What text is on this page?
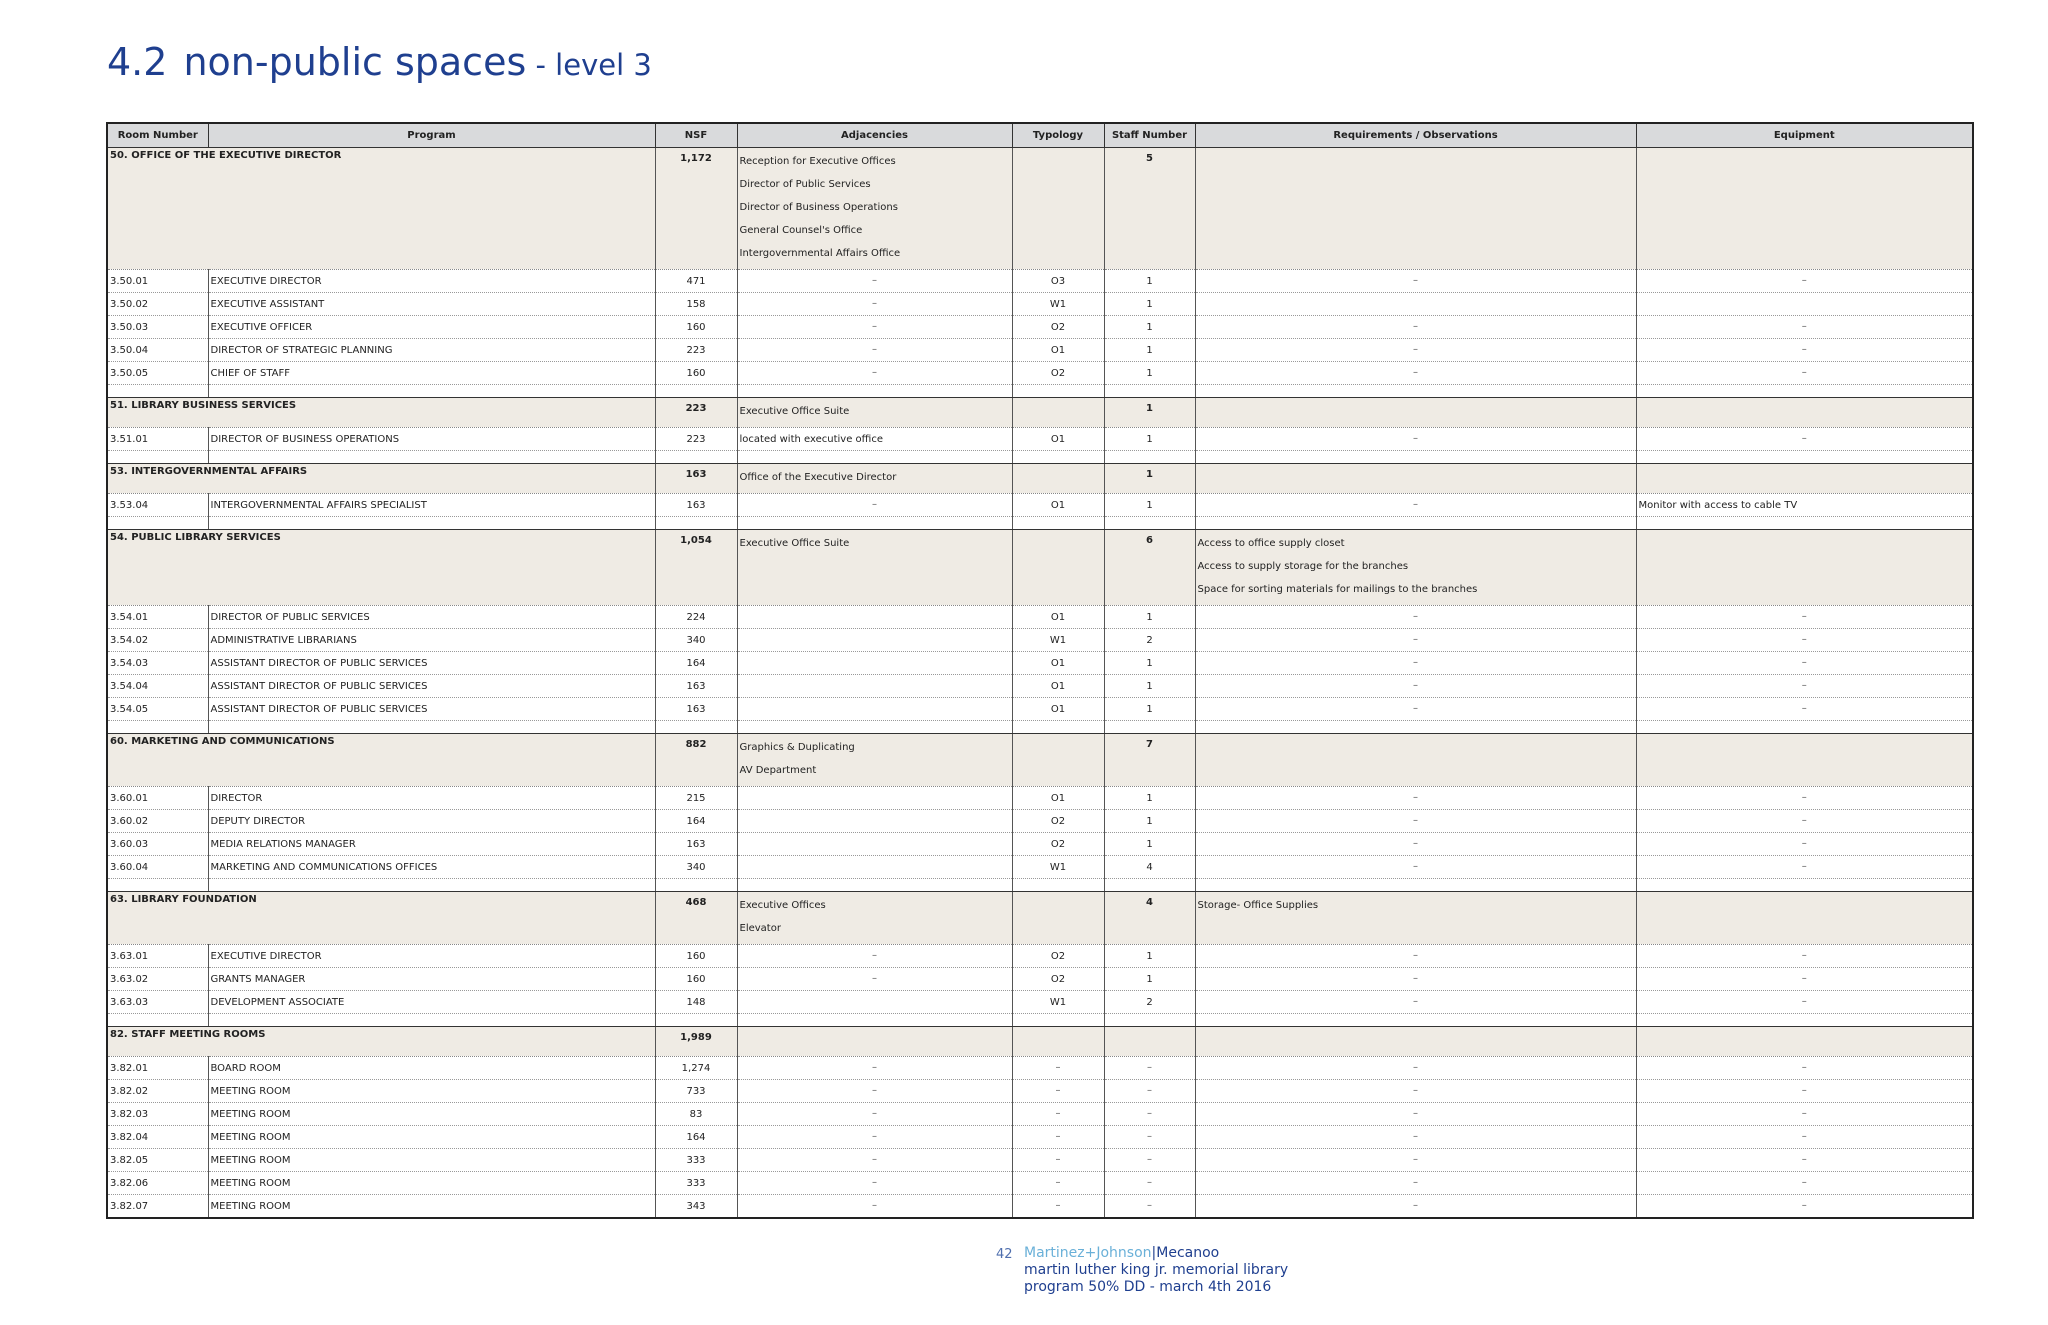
4.2 non-public spaces - level 3
Room Number	Program	NSF	Adjacencies	Typology	Staff Number	Requirements / Observations	Equipment
50. OFFICE OF THE EXECUTIVE DIRECTOR		1,172	Reception for Executive Offices
Director of Public Services
Director of Business Operations
General Counsel's Office
Intergovernmental Affairs Office		5	

3.50.01	EXECUTIVE DIRECTOR	471	–	O3	1	–	–
3.50.02	EXECUTIVE ASSISTANT	158	–	W1	1		
3.50.03	EXECUTIVE OFFICER	160	–	O2	1	–	–
3.50.04	DIRECTOR OF STRATEGIC PLANNING	223	–	O1	1	–	–
3.50.05	CHIEF OF STAFF	160	–	O2	1	–	–

51. LIBRARY BUSINESS SERVICES		223	Executive Office Suite		1	

3.51.01	DIRECTOR OF BUSINESS OPERATIONS	223	located with executive office	O1	1	–	–

53. INTERGOVERNMENTAL AFFAIRS		163	Office of the Executive Director		1	

3.53.04	INTERGOVERNMENTAL AFFAIRS SPECIALIST	163	–	O1	1	–	Monitor with access to cable TV

54. PUBLIC LIBRARY SERVICES		1,054	Executive Office Suite		6	Access to office supply closet
Access to supply storage for the branches
Space for sorting materials for mailings to the branches	

3.54.01	DIRECTOR OF PUBLIC SERVICES	224		O1	1	–	–
3.54.02	ADMINISTRATIVE LIBRARIANS	340		W1	2	–	–
3.54.03	ASSISTANT DIRECTOR OF PUBLIC SERVICES	164		O1	1	–	–
3.54.04	ASSISTANT DIRECTOR OF PUBLIC SERVICES	163		O1	1	–	–
3.54.05	ASSISTANT DIRECTOR OF PUBLIC SERVICES	163		O1	1	–	–

60. MARKETING AND COMMUNICATIONS		882	Graphics & Duplicating
AV Department		7	

3.60.01	DIRECTOR	215		O1	1	–	–
3.60.02	DEPUTY DIRECTOR	164		O2	1	–	–
3.60.03	MEDIA RELATIONS MANAGER	163		O2	1	–	–
3.60.04	MARKETING AND COMMUNICATIONS OFFICES	340		W1	4	–	–

63. LIBRARY FOUNDATION		468	Executive Offices
Elevator		4	Storage- Office Supplies	

3.63.01	EXECUTIVE DIRECTOR	160	–	O2	1	–	–
3.63.02	GRANTS MANAGER	160	–	O2	1	–	–
3.63.03	DEVELOPMENT ASSOCIATE	148		W1	2	–	–

82. STAFF MEETING ROOMS		1,989	

3.82.01	BOARD ROOM	1,274	–	–	–	–	–
3.82.02	MEETING ROOM	733	–	–	–	–	–
3.82.03	MEETING ROOM	83	–	–	–	–	–
3.82.04	MEETING ROOM	164	–	–	–	–	–
3.82.05	MEETING ROOM	333	–	–	–	–	–
3.82.06	MEETING ROOM	333	–	–	–	–	–
3.82.07	MEETING ROOM	343	–	–	–	–	–
42 Martinez+Johnson|Mecanoo
martin luther king jr. memorial library
program 50% DD - march 4th 2016
